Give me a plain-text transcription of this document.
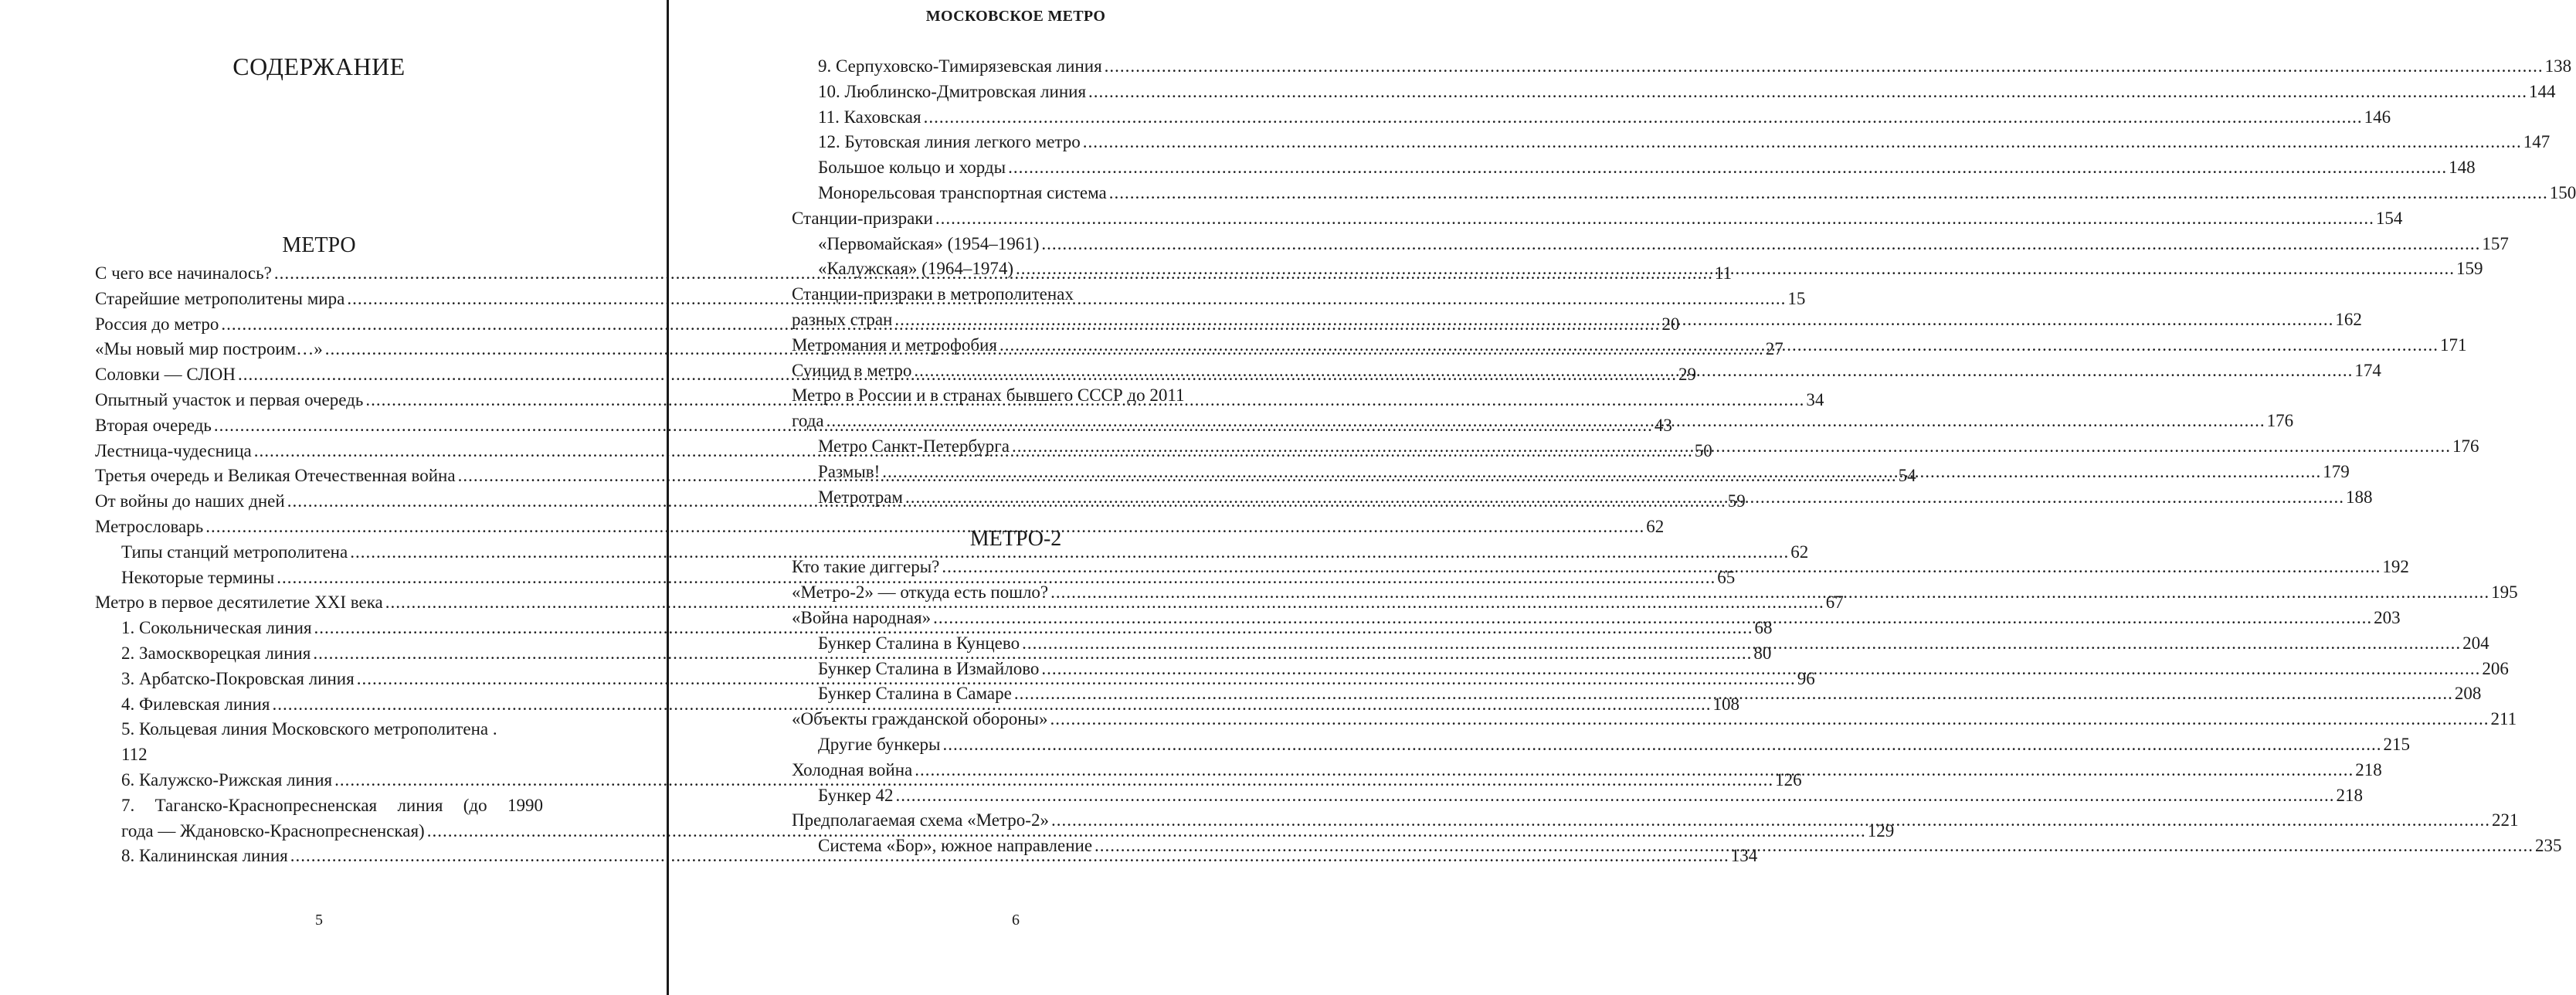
СОДЕРЖАНИЕ
МЕТРО
С чего все начиналось? .....	11
Старейшие метрополитены мира .....	15
Россия до метро .....	20
«Мы новый мир построим…» .....	27
Соловки — СЛОН .....	29
Опытный участок и первая очередь .....	34
Вторая очередь .....	43
Лестница-чудесница .....	50
Третья очередь и Великая Отечественная война .....	54
От войны до наших дней .....	59
Метрословарь .....	62
Типы станций метрополитена .....	62
Некоторые термины .....	65
Метро в первое десятилетие XXI века .....	67
1. Сокольническая линия .....	68
2. Замоскворецкая линия .....	80
3. Арбатско-Покровская линия .....	96
4. Филевская линия .....	108
5. Кольцевая линия Московского метрополитена .
112
6. Калужско-Рижская линия .....	126
7. Таганско-Краснопресненская линия (до 1990
года — Ждановско-Краснопресненская) .....	129
8. Калининская линия .....	134
5
МОСКОВСКОЕ МЕТРО
9. Серпуховско-Тимирязевская линия .....	138
10. Люблинско-Дмитровская линия .....	144
11. Каховская .....	146
12. Бутовская линия легкого метро .....	147
Большое кольцо и хорды .....	148
Монорельсовая транспортная система .....	150
Станции-призраки .....	154
«Первомайская» (1954–1961) .....	157
«Калужская» (1964–1974) .....	159
Станции-призраки в метрополитенах
разных стран .....	162
Метромания и метрофобия .....	171
Суицид в метро .....	174
Метро в России и в странах бывшего СССР до 2011
года .....	176
Метро Санкт-Петербурга .....	176
Размыв! .....	179
Метротрам .....	188
МЕТРО-2
Кто такие диггеры? .....	192
«Метро-2» — откуда есть пошло? .....	195
«Война народная» .....	203
Бункер Сталина в Кунцево .....	204
Бункер Сталина в Измайлово .....	206
Бункер Сталина в Самаре .....	208
«Объекты гражданской обороны» .....	211
Другие бункеры .....	215
Холодная война .....	218
Бункер 42 .....	218
Предполагаемая схема «Метро-2» .....	221
Система «Бор», южное направление .....	235
6
